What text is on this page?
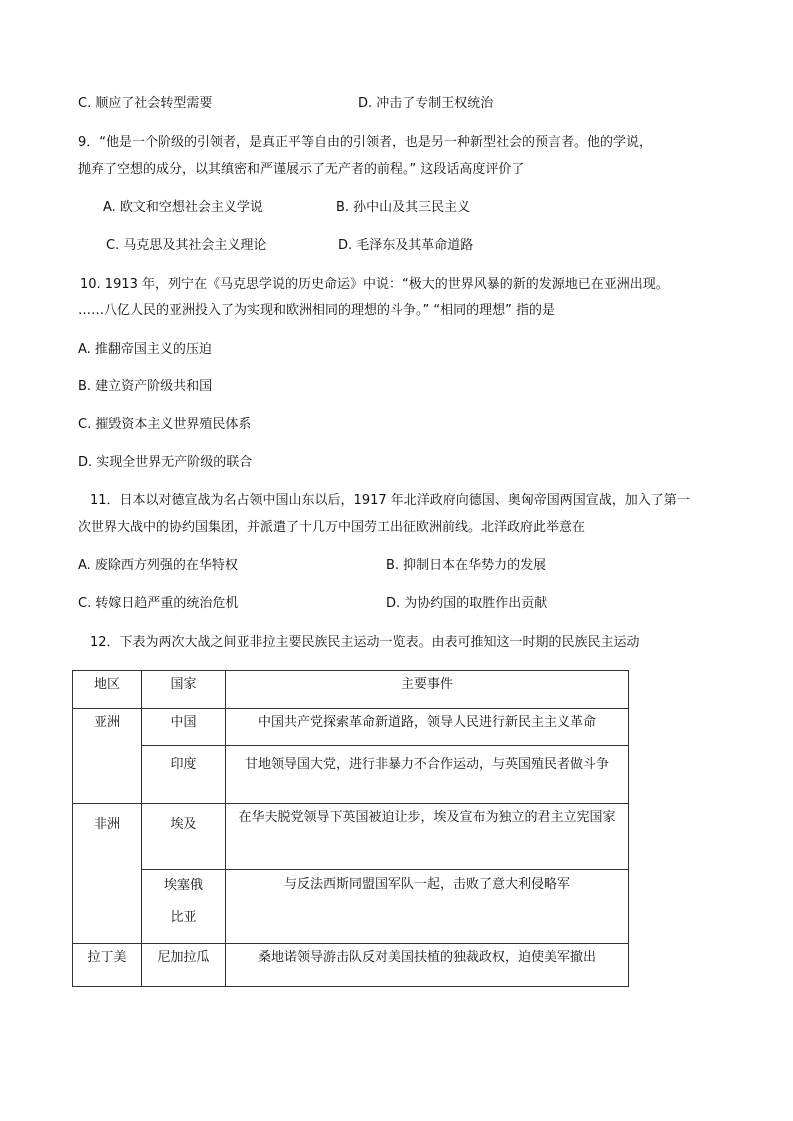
C. 顺应了社会转型需要	D. 冲击了专制王权统治
9．“他是一个阶级的引领者，是真正平等自由的引领者，也是另一种新型社会的预言者。他的学说，
抛弃了空想的成分，以其缜密和严谨展示了无产者的前程。” 这段话高度评价了
A. 欧文和空想社会主义学说	B. 孙中山及其三民主义
C. 马克思及其社会主义理论	D. 毛泽东及其革命道路
10. 1913 年，列宁在《马克思学说的历史命运》中说：“极大的世界风暴的新的发源地已在亚洲出现。
……八亿人民的亚洲投入了为实现和欧洲相同的理想的斗争。” “相同的理想” 指的是
A. 推翻帝国主义的压迫
B. 建立资产阶级共和国
C. 摧毁资本主义世界殖民体系
D. 实现全世界无产阶级的联合
11．日本以对德宣战为名占领中国山东以后，1917 年北洋政府向德国、奥匈帝国两国宣战，加入了第一
次世界大战中的协约国集团，并派遣了十几万中国劳工出征欧洲前线。北洋政府此举意在
A. 废除西方列强的在华特权	B. 抑制日本在华势力的发展
C. 转嫁日趋严重的统治危机	D. 为协约国的取胜作出贡献
12．下表为两次大战之间亚非拉主要民族民主运动一览表。由表可推知这一时期的民族民主运动
地区	国家	主要事件

亚洲	中国	中国共产党探索革命新道路，领导人民进行新民主主义革命

	印度	甘地领导国大党，进行非暴力不合作运动，与英国殖民者做斗争

非洲	埃及	在华夫脱党领导下英国被迫让步，埃及宣布为独立的君主立宪国家

	埃塞俄比亚	与反法西斯同盟国军队一起，击败了意大利侵略军

拉丁美	尼加拉瓜	桑地诺领导游击队反对美国扶植的独裁政权，迫使美军撤出
